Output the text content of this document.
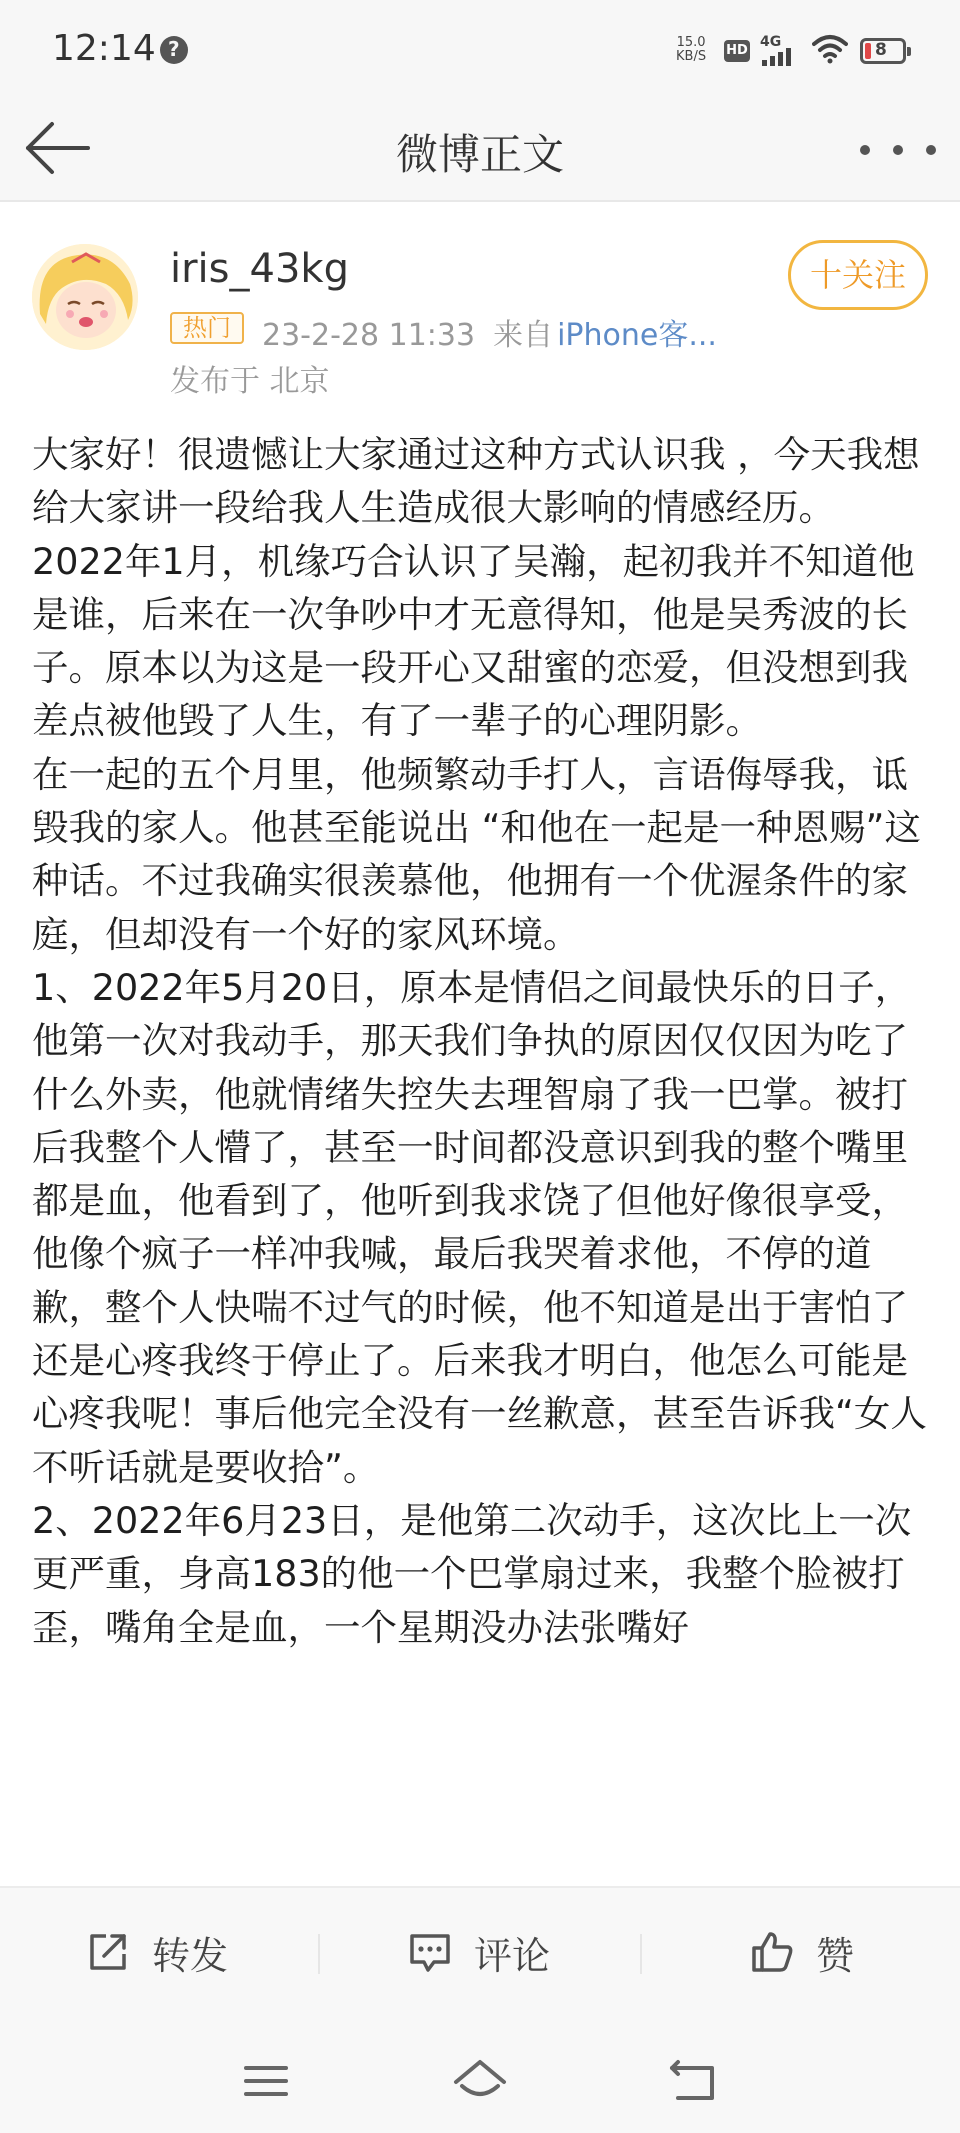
12:14
?	15.0
KB/S HD
4G	8
微博正文
iris_43kg
热门	23-2-28 11:33 来自 iPhone客...
发布于 北京
十关注

大家好！很遗憾让大家通过这种方式认识我 ，今天我想给大家讲一段给我人生造成很大影响的情感经历。

2022年1月，机缘巧合认识了吴瀚，起初我并不知道他是谁，后来在一次争吵中才无意得知，他是吴秀波的长子。原本以为这是一段开心又甜蜜的恋爱，但没想到我差点被他毁了人生，有了一辈子的心理阴影。

在一起的五个月里，他频繁动手打人，言语侮辱我，诋毁我的家人。他甚至能说出 “和他在一起是一种恩赐”这种话。不过我确实很羡慕他，他拥有一个优渥条件的家庭，但却没有一个好的家风环境。

1、2022年5月20日，原本是情侣之间最快乐的日子，他第一次对我动手，那天我们争执的原因仅仅因为吃了什么外卖，他就情绪失控失去理智扇了我一巴掌。被打后我整个人懵了，甚至一时间都没意识到我的整个嘴里都是血，他看到了，他听到我求饶了但他好像很享受，他像个疯子一样冲我喊，最后我哭着求他，不停的道歉，整个人快喘不过气的时候，他不知道是出于害怕了还是心疼我终于停止了。后来我才明白，他怎么可能是心疼我呢！事后他完全没有一丝歉意，甚至告诉我“女人不听话就是要收拾”。

2、2022年6月23日，是他第二次动手，这次比上一次更严重，身高183的他一个巴掌扇过来，我整个脸被打歪，嘴角全是血，一个星期没办法张嘴好

转发	评论	赞
